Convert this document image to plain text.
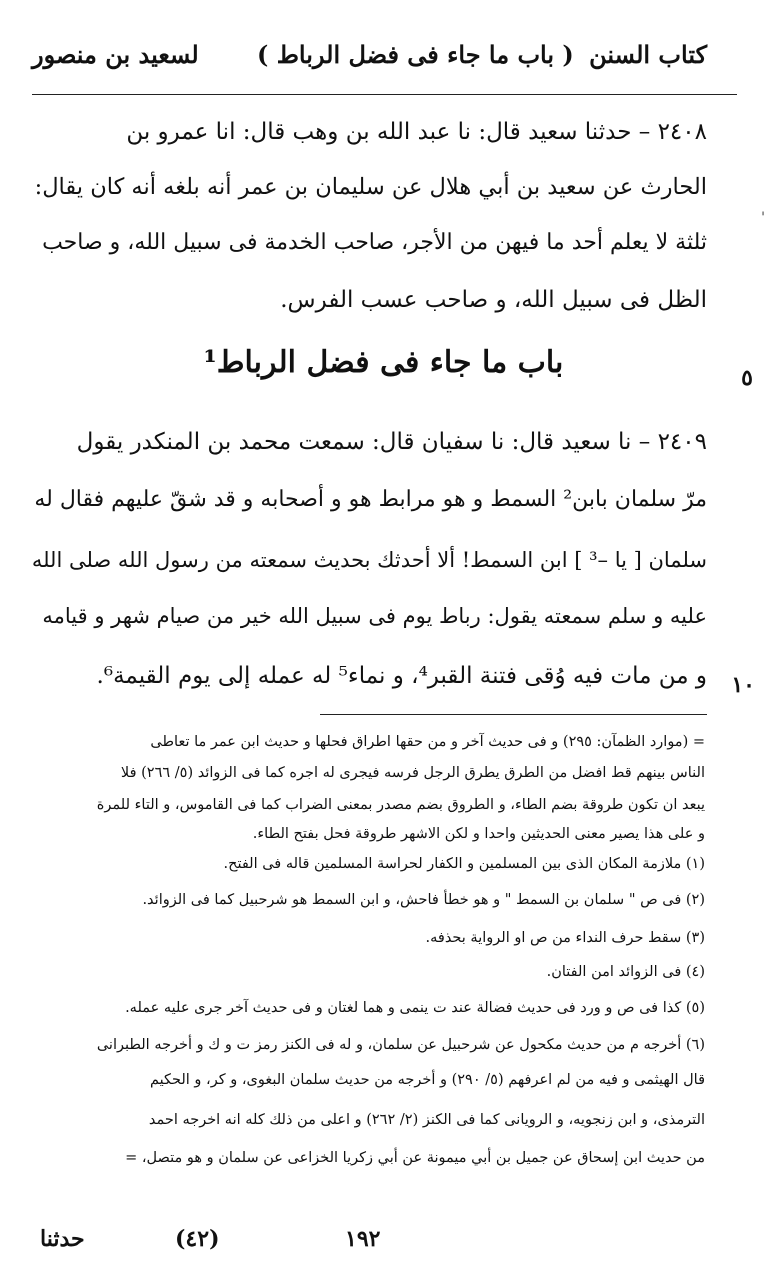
كتاب السنن
( باب ما جاء فى فضل الرباط )
لسعيد بن منصور
٢٤٠٨ – حدثنا سعيد قال: نا عبد الله بن وهب قال: انا عمرو بن
الحارث عن سعيد بن أبي هلال عن سليمان بن عمر أنه بلغه أنه كان يقال:
ثلثة لا يعلم أحد ما فيهن من الأجر، صاحب الخدمة فى سبيل الله، و صاحب
الظل فى سبيل الله، و صاحب عسب الفرس.
باب ما جاء فى فضل الرباط¹	٥
٢٤٠٩ – نا سعيد قال: نا سفيان قال: سمعت محمد بن المنكدر يقول
مرّ سلمان بابن² السمط و هو مرابط هو و أصحابه و قد شقّ عليهم فقال له
سلمان [ يا –³ ] ابن السمط! ألا أحدثك بحديث سمعته من رسول الله صلى الله
عليه و سلم سمعته يقول: رباط يوم فى سبيل الله خير من صيام شهر و قيامه
و من مات فيه وُقى فتنة القبر⁴، و نماء⁵ له عمله إلى يوم القيمة⁶. ١٠
= (موارد الظمآن: ٢٩٥) و فى حديث آخر و من حقها اطراق فحلها و حديث ابن عمر ما تعاطى
الناس بينهم قط افضل من الطرق يطرق الرجل فرسه فيجرى له اجره كما فى الزوائد (٥/ ٢٦٦) فلا
يبعد ان تكون طروقة بضم الطاء، و الطروق بضم مصدر بمعنى الضراب كما فى القاموس، و التاء للمرة
و على هذا يصير معنى الحديثين واحدا و لكن الاشهر طروقة فحل بفتح الطاء.
(١) ملازمة المكان الذى بين المسلمين و الكفار لحراسة المسلمين قاله فى الفتح.
(٢) فى ص " سلمان بن السمط " و هو خطأ فاحش، و ابن السمط هو شرحبيل كما فى الزوائد.
(٣) سقط حرف النداء من ص او الرواية بحذفه.
(٤) فى الزوائد امن الفتان.
(٥) كذا فى ص و ورد فى حديث فضالة عند ت ينمى و هما لغتان و فى حديث آخر جرى عليه عمله.
(٦) أخرجه م من حديث مكحول عن شرحبيل عن سلمان، و له فى الكنز رمز ت و ك و أخرجه الطبرانى
قال الهيثمى و فيه من لم اعرفهم (٥/ ٢٩٠) و أخرجه من حديث سلمان البغوى، و كر، و الحكيم
الترمذى، و ابن زنجويه، و الرويانى كما فى الكنز (٢/ ٢٦٢) و اعلى من ذلك كله انه اخرجه احمد
من حديث ابن إسحاق عن جميل بن أبي ميمونة عن أبي زكريا الخزاعى عن سلمان و هو متصل، =
حدثنا	(٤٢)	١٩٢
'
